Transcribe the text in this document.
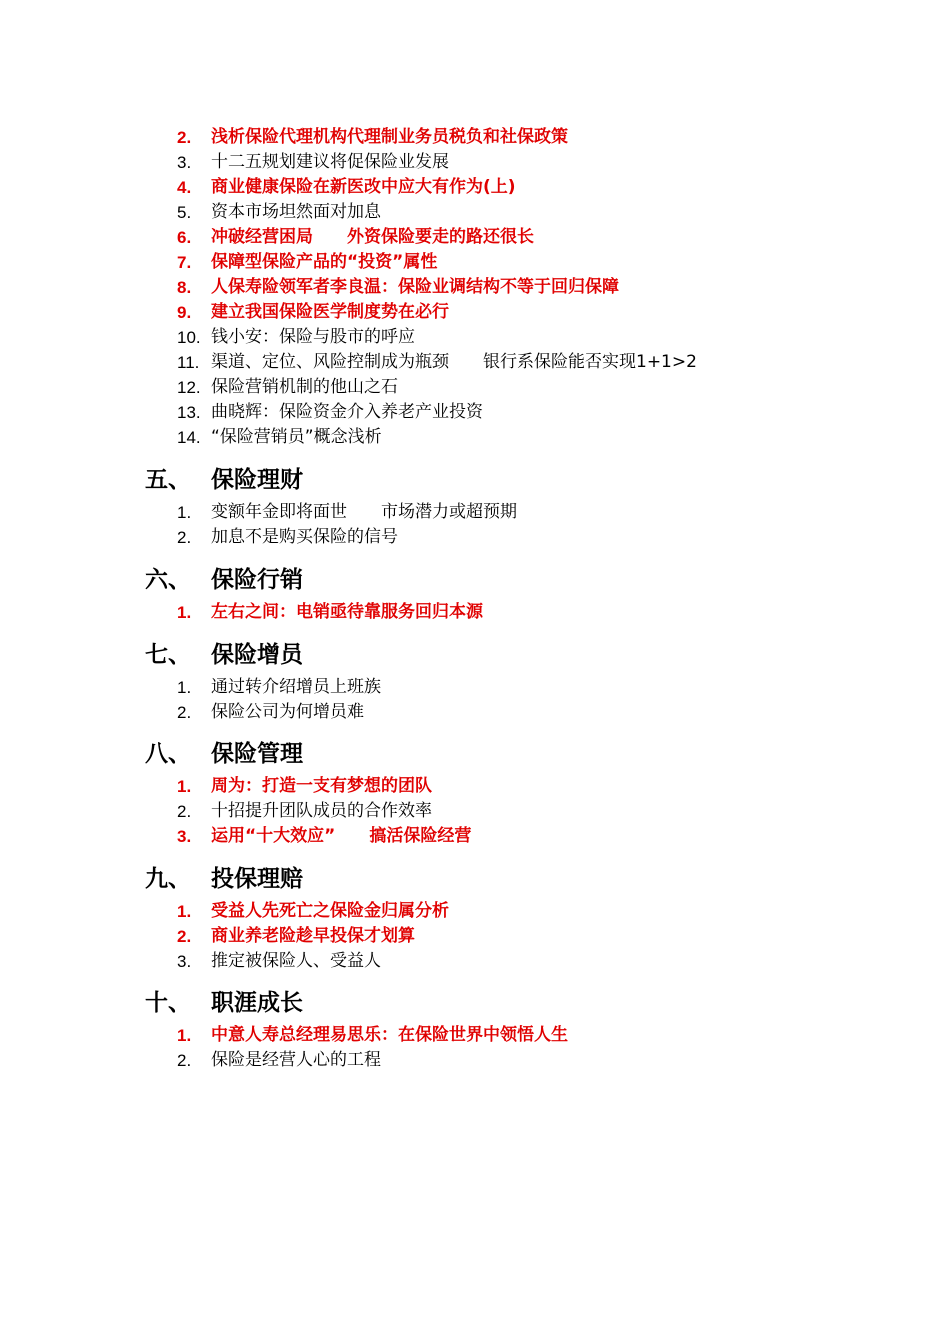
2.	浅析保险代理机构代理制业务员税负和社保政策
3.	十二五规划建议将促保险业发展
4.	商业健康保险在新医改中应大有作为(上)
5.	资本市场坦然面对加息
6.	冲破经营困局　　外资保险要走的路还很长
7.	保障型保险产品的“投资”属性
8.	人保寿险领军者李良温：保险业调结构不等于回归保障
9.	建立我国保险医学制度势在必行
10. 钱小安：保险与股市的呼应
11. 渠道、定位、风险控制成为瓶颈　　银行系保险能否实现1+1>2
12. 保险营销机制的他山之石
13. 曲晓辉：保险资金介入养老产业投资
14. “保险营销员”概念浅析
五、 保险理财
1.	变额年金即将面世　　市场潜力或超预期
2.	加息不是购买保险的信号
六、 保险行销
1.	左右之间：电销亟待靠服务回归本源
七、 保险增员
1.	通过转介绍增员上班族
2.	保险公司为何增员难
八、 保险管理
1.	周为：打造一支有梦想的团队
2.	十招提升团队成员的合作效率
3.	运用“十大效应”　　搞活保险经营
九、 投保理赔
1.	受益人先死亡之保险金归属分析
2.	商业养老险趁早投保才划算
3.	推定被保险人、受益人
十、 职涯成长
1.	中意人寿总经理易思乐：在保险世界中领悟人生
2.	保险是经营人心的工程
